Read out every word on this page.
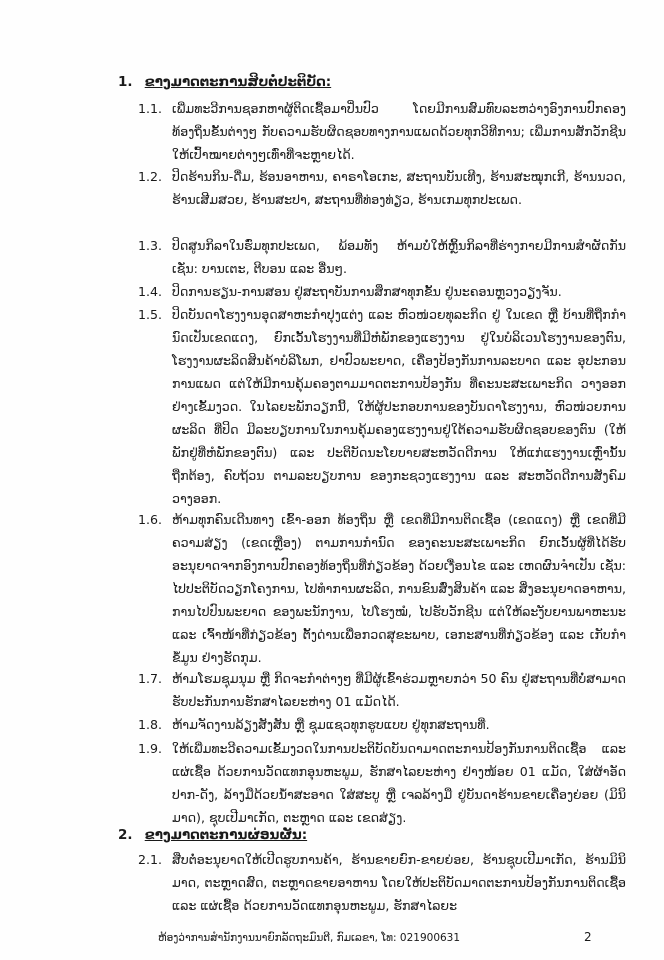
1. ຂາງມາດຕະການສິບຕໍ່ປະຕິບັດ:
1.1. ເພີ່ມທະວີການຊອກຫາຜູ້ຕິດເຊື້ອມາປິ່ນປົວ ໂດຍມີການສົມທົບລະຫວ່າງອົງການປົກຄອງທ້ອງຖິ່ນຂັ້ນຕ່າງໆ ກັບຄວາມຮັບຜິດຊອບທາງການແພດດ້ວຍທຸກວິທີການ; ເພີ່ມການສັກວັກຊີນໃຫ້ເປົ້າໝາຍຕ່າງໆເທົ່າທີ່ຈະຫຼາຍໄດ້.
1.2. ປິດຮ້ານກິນ-ດື່ມ, ຮ້ອນອາຫານ, ຄາຣາໂອເກະ, ສະຖານບັນເທີງ, ຮ້ານສະໝຸກເກີ, ຮ້ານນວດ, ຮ້ານເສີມສວຍ, ຮ້ານສະປາ, ສະຖານທີ່ທ່ອງທ່ຽວ, ຮ້ານເກມທຸກປະເພດ.
1.3. ປິດສູນກິລາໃນຮົ່ມທຸກປະເພດ, ພ້ອມທັງ ຫ້າມບໍ່ໃຫ້ຫຼິ້ນກິລາທີ່ຮ່າງກາຍມີການສໍາຜັດກັນ ເຊັ່ນ: ບານເຕະ, ຕີບອນ ແລະ ອື່ນໆ.
1.4. ປິດການຮຽນ-ການສອນ ຢູ່ສະຖາບັນການສຶກສາທຸກຂັ້ນ ຢູ່ນະຄອນຫຼວງວຽງຈັນ.
1.5. ປິດບັນດາໂຮງງານອຸດສາຫະກໍາປຸງແຕ່ງ ແລະ ຫົວໜ່ວຍທຸລະກິດ ຢູ່ ໃນເຂດ ຫຼື ບ້ານທີ່ຖືກກໍານົດເປັນເຂດແດງ, ຍົກເວັ້ນໂຮງງານທີ່ມີຫໍພັກຂອງແຮງງານ ຢູ່ໃນບໍລິເວນໂຮງງານຂອງຕົນ, ໂຮງງານຜະລິດສິນຄ້າບໍລິໂພກ, ຢາປົວພະຍາດ, ເຄື່ອງປ້ອງກັນການລະບາດ ແລະ ອຸປະກອນການແພດ ແຕ່ໃຫ້ມີການຄຸ້ມຄອງຕາມມາດຕະການປ້ອງກັນ ທີ່ຄະນະສະເພາະກິດ ວາງອອກ ຢ່າງເຂັ້ມງວດ. ໃນໄລຍະພັກວຽກນີ້, ໃຫ້ຜູ້ປະກອບການຂອງບັນດາໂຮງງານ, ຫົວໜ່ວຍການຜະລິດ ທີ່ປິດ ມີລະບຽບການໃນການຄຸ້ມຄອງແຮງງານຢູ່ໃຕ້ຄວາມຮັບຜິດຊອບຂອງຕົນ (ໃຫ້ພັກຢູ່ທີ່ຫໍພັກຂອງຕົນ) ແລະ ປະຕິບັດນະໂຍບາຍສະຫວັດດີການ ໃຫ້ແກ່ແຮງງານເຫຼົ່ານັ້ນ ຖືກຕ້ອງ, ຄົບຖ້ວນ ຕາມລະບຽບການ ຂອງກະຊວງແຮງງານ ແລະ ສະຫວັດດີການສັງຄົມ ວາງອອກ.
1.6. ຫ້າມທຸກຄົນເດີນທາງ ເຂົ້າ-ອອກ ທ້ອງຖິ່ນ ຫຼື ເຂດທີ່ມີການຕິດເຊື້ອ (ເຂດແດງ) ຫຼື ເຂດທີ່ມີຄວາມສ່ຽງ (ເຂດເຫຼືອງ) ຕາມການກໍານົດ ຂອງຄະນະສະເພາະກິດ ຍົກເວັ້ນຜູ້ທີ່ໄດ້ຮັບອະນຸຍາດຈາກອົງການປົກຄອງທ້ອງຖິ່ນທີ່ກ່ຽວຂ້ອງ ດ້ວຍເງື່ອນໄຂ ແລະ ເຫດຜົນຈໍາເປັນ ເຊັ່ນ: ໄປປະຕິບັດວຽກໂຄງການ, ໄປທໍາການຜະລິດ, ການຂົນສົ່ງສິນຄ້າ ແລະ ສິ່ງອະນຸຍາດອາຫານ, ການໄປປົນພະຍາດ ຂອງພະນັກງານ, ໄປໂຮງໝໍ, ໄປຮັບວັກຊີນ ແຕ່ໃຫ້ລະງັບຍານພາຫະນະ ແລະ ເຈົ້າໜ້າທີ່ກ່ຽວຂ້ອງ ຕັ້ງດ່ານເພື່ອກວດສຸຂະພາບ, ເອກະສານທີ່ກ່ຽວຂ້ອງ ແລະ ເກັບກໍາຂໍ້ມູນ ຢ່າງຮັດກຸມ.
1.7. ຫ້າມໂຮມຊຸມນຸມ ຫຼື ກິດຈະກໍາຕ່າງໆ ທີ່ມີຜູ້ເຂົ້າຮ່ວມຫຼາຍກວ່າ 50 ຄົນ ຢູ່ສະຖານທີ່ບໍ່ສາມາດຮັບປະກັນການຮັກສາໄລຍະຫ່າງ 01 ແມັດໄດ້.
1.8. ຫ້າມຈັດງານລ້ຽງສັງສັນ ຫຼື ຊຸມແຊວທຸກຮູບແບບ ຢູ່ທຸກສະຖານທີ່.
1.9. ໃຫ້ເພີ່ມທະວີຄວາມເຂັ້ມງວດໃນການປະຕິບັດບັນດາມາດຕະການປ້ອງກັນການຕິດເຊື້ອ ແລະ ແຜ່ເຊື້ອ ດ້ວຍການວັດແທກອຸນຫະພູມ, ຮັກສາໄລຍະຫ່າງ ຢ່າງໜ້ອຍ 01 ແມັດ, ໃສ່ຜ້າອັດປາກ-ດັງ, ລ້າງມືດ້ວຍນໍ້າສະອາດ ໃສ່ສະບູ ຫຼື ເຈລລ້າງມື ຢູ່ບັນດາຮ້ານຂາຍເຄື່ອງຍ່ອຍ (ມິນິມາດ), ຊຸບເປີມາເກັດ, ຕະຫຼາດ ແລະ ເຂດສ່ຽງ.
2. ຂາງມາດຕະການຜ່ອນຜັນ:
2.1. ສືບຕໍ່ອະນຸຍາດໃຫ້ເປີດຮູບການຄ້າ, ຮ້ານຂາຍຍົກ-ຂາຍຍ່ອຍ, ຮ້ານຊຸບເປີມາເກັດ, ຮ້ານມິນິມາດ, ຕະຫຼາດສົດ, ຕະຫຼາດຂາຍອາຫານ ໂດຍໃຫ້ປະຕິບັດມາດຕະການປ້ອງກັນການຕິດເຊື້ອ ແລະ ແຜ່ເຊື້ອ ດ້ວຍການວັດແທກອຸນຫະພູມ, ຮັກສາໄລຍະ
ຫ້ອງວ່າການສໍານັກງານນາຍົກລັດຖະມົນຕີ, ກົມເລຂາ, ໂທ: 021900631	2
